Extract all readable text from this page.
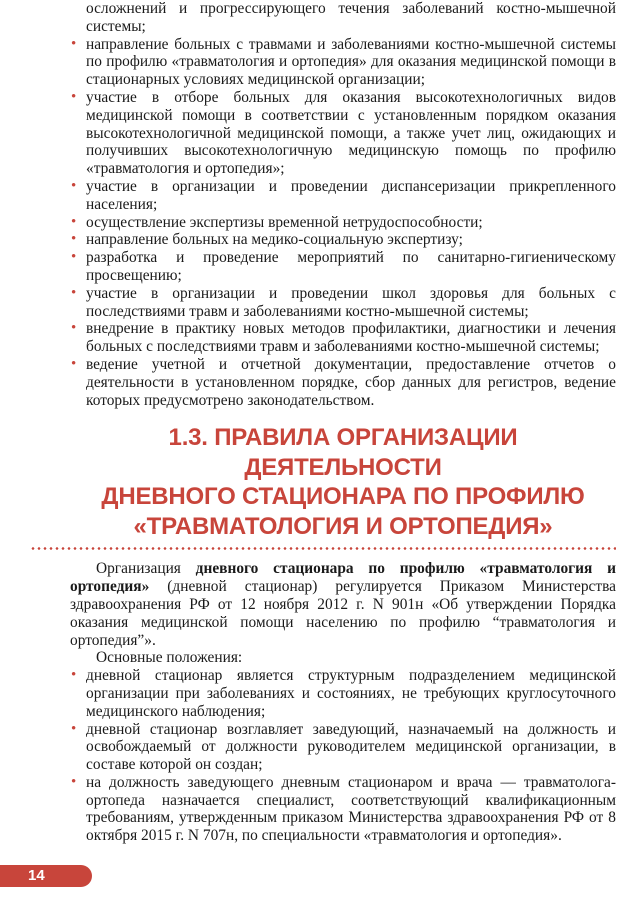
осложнений и прогрессирующего течения заболеваний костно-мышечной системы;
• направление больных с травмами и заболеваниями костно-мышечной системы по профилю «травматология и ортопедия» для оказания медицинской помощи в стационарных условиях медицинской организации;
• участие в отборе больных для оказания высокотехнологичных видов медицинской помощи в соответствии с установленным порядком оказания высокотехнологичной медицинской помощи, а также учет лиц, ожидающих и получивших высокотехнологичную медицинскую помощь по профилю «травматология и ортопедия»;
• участие в организации и проведении диспансеризации прикрепленного населения;
• осуществление экспертизы временной нетрудоспособности;
• направление больных на медико-социальную экспертизу;
• разработка и проведение мероприятий по санитарно-гигиеническому просвещению;
• участие в организации и проведении школ здоровья для больных с последствиями травм и заболеваниями костно-мышечной системы;
• внедрение в практику новых методов профилактики, диагностики и лечения больных с последствиями травм и заболеваниями костно-мышечной системы;
• ведение учетной и отчетной документации, предоставление отчетов о деятельности в установленном порядке, сбор данных для регистров, ведение которых предусмотрено законодательством.
1.3. ПРАВИЛА ОРГАНИЗАЦИИ ДЕЯТЕЛЬНОСТИ
ДНЕВНОГО СТАЦИОНАРА ПО ПРОФИЛЮ
«ТРАВМАТОЛОГИЯ И ОРТОПЕДИЯ»

Организация дневного стационара по профилю «травматология и ортопедия» (дневной стационар) регулируется Приказом Министерства здравоохранения РФ от 12 ноября 2012 г. N 901н «Об утверждении Порядка оказания медицинской помощи населению по профилю “травматология и ортопедия”».

Основные положения:

• дневной стационар является структурным подразделением медицинской организации при заболеваниях и состояниях, не требующих круглосуточного медицинского наблюдения;
• дневной стационар возглавляет заведующий, назначаемый на должность и освобождаемый от должности руководителем медицинской организации, в составе которой он создан;
• на должность заведующего дневным стационаром и врача — травматолога-ортопеда назначается специалист, соответствующий квалификационным требованиям, утвержденным приказом Министерства здравоохранения РФ от 8 октября 2015 г. N 707н, по специальности «травматология и ортопедия».
14
